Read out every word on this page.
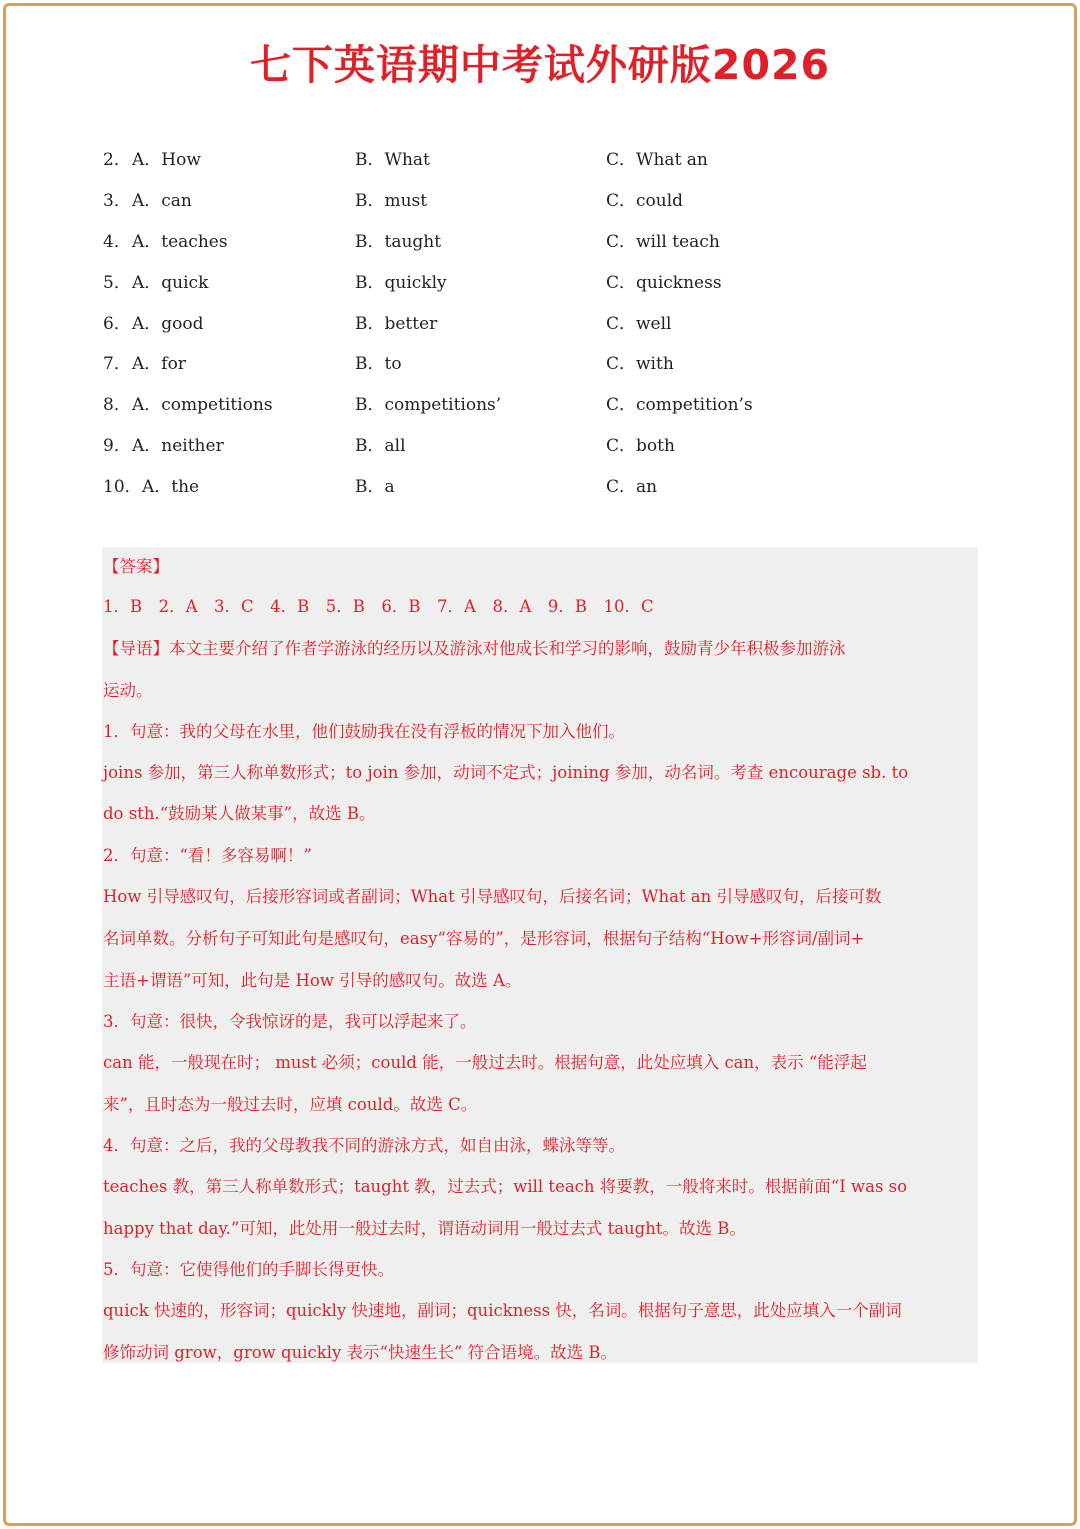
七下英语期中考试外研版2026
2． A．How	B．What	C．What an
3． A．can	B．must	C．could
4． A．teaches	B．taught	C．will teach
5． A．quick	B．quickly	C．quickness
6． A．good	B．better	C．well
7． A．for	B．to	C．with
8． A．competitions	B．competitions’	C．competition’s
9． A．neither	B．all	C．both
10． A．the	B．a	C．an
【答案】
1．B　2．A　3．C　4．B　5．B　6．B　7．A　8．A　9．B　10．C
【导语】本文主要介绍了作者学游泳的经历以及游泳对他成长和学习的影响，鼓励青少年积极参加游泳
运动。
1．句意：我的父母在水里，他们鼓励我在没有浮板的情况下加入他们。
joins 参加，第三人称单数形式；to join 参加，动词不定式；joining 参加，动名词。考查 encourage sb. to
do sth.“鼓励某人做某事”，故选 B。
2．句意：“看！多容易啊！”
How 引导感叹句，后接形容词或者副词；What 引导感叹句，后接名词；What an 引导感叹句，后接可数
名词单数。分析句子可知此句是感叹句，easy“容易的”，是形容词，根据句子结构“How+形容词/副词+
主语+谓语”可知，此句是 How 引导的感叹句。故选 A。
3．句意：很快，令我惊讶的是，我可以浮起来了。
can 能，一般现在时； must 必须；could 能，一般过去时。根据句意，此处应填入 can，表示 “能浮起
来”，且时态为一般过去时，应填 could。故选 C。
4．句意：之后，我的父母教我不同的游泳方式，如自由泳，蝶泳等等。
teaches 教，第三人称单数形式；taught 教，过去式；will teach 将要教，一般将来时。根据前面“I was so
happy that day.”可知，此处用一般过去时，谓语动词用一般过去式 taught。故选 B。
5．句意：它使得他们的手脚长得更快。
quick 快速的，形容词；quickly 快速地，副词；quickness 快，名词。根据句子意思，此处应填入一个副词
修饰动词 grow，grow quickly 表示“快速生长” 符合语境。故选 B。
